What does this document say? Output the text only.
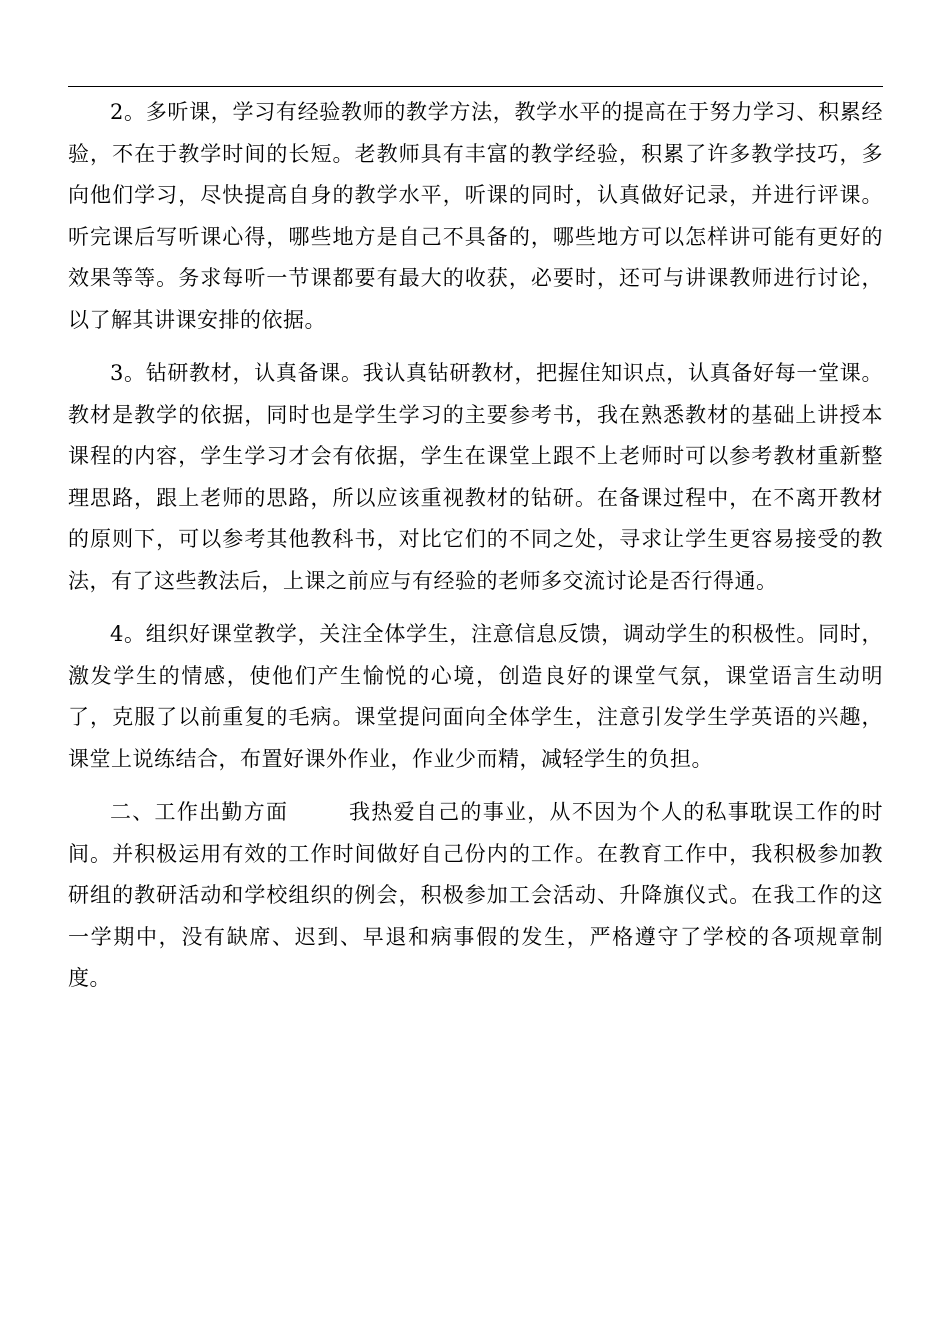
2。多听课，学习有经验教师的教学方法，教学水平的提高在于努力学习、积累经验，不在于教学时间的长短。老教师具有丰富的教学经验，积累了许多教学技巧，多向他们学习，尽快提高自身的教学水平，听课的同时，认真做好记录，并进行评课。听完课后写听课心得，哪些地方是自己不具备的，哪些地方可以怎样讲可能有更好的效果等等。务求每听一节课都要有最大的收获，必要时，还可与讲课教师进行讨论，以了解其讲课安排的依据。

3。钻研教材，认真备课。我认真钻研教材，把握住知识点，认真备好每一堂课。教材是教学的依据，同时也是学生学习的主要参考书，我在熟悉教材的基础上讲授本课程的内容，学生学习才会有依据，学生在课堂上跟不上老师时可以参考教材重新整理思路，跟上老师的思路，所以应该重视教材的钻研。在备课过程中，在不离开教材的原则下，可以参考其他教科书，对比它们的不同之处，寻求让学生更容易接受的教法，有了这些教法后，上课之前应与有经验的老师多交流讨论是否行得通。

4。组织好课堂教学，关注全体学生，注意信息反馈，调动学生的积极性。同时，激发学生的情感，使他们产生愉悦的心境，创造良好的课堂气氛，课堂语言生动明了，克服了以前重复的毛病。课堂提问面向全体学生，注意引发学生学英语的兴趣，课堂上说练结合，布置好课外作业，作业少而精，减轻学生的负担。

二、工作出勤方面	我热爱自己的事业，从不因为个人的私事耽误工作的时间。并积极运用有效的工作时间做好自己份内的工作。在教育工作中，我积极参加教研组的教研活动和学校组织的例会，积极参加工会活动、升降旗仪式。在我工作的这一学期中，没有缺席、迟到、早退和病事假的发生，严格遵守了学校的各项规章制度。
